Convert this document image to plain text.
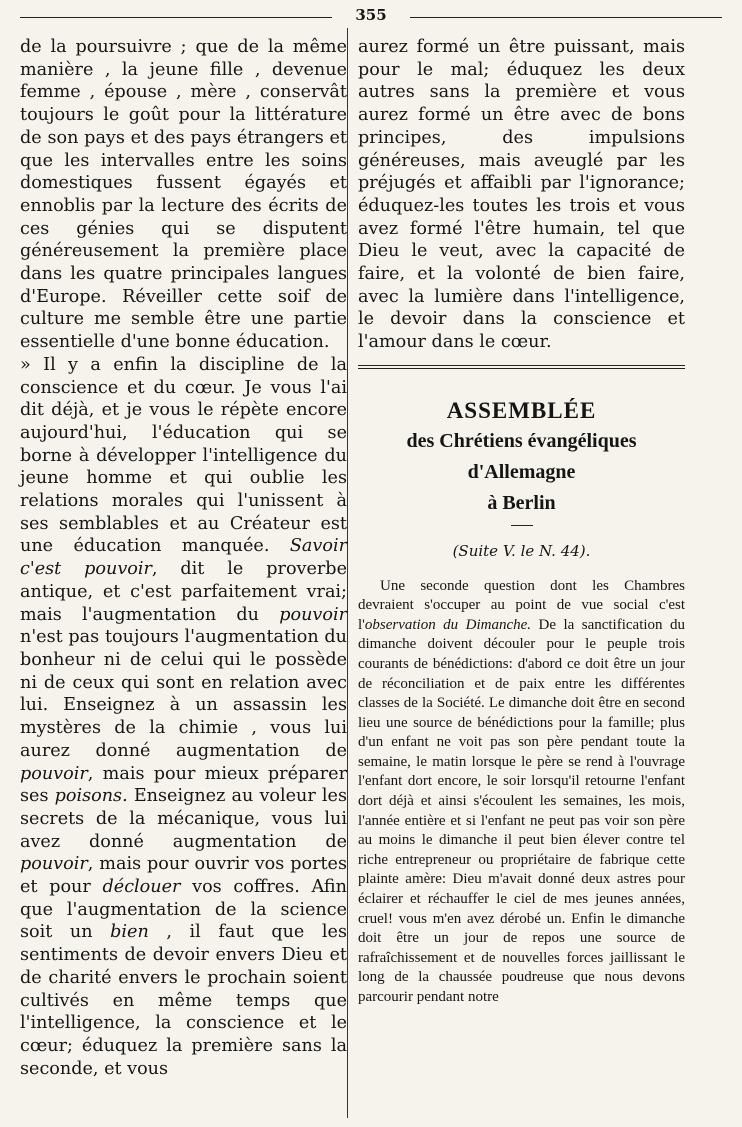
355

de la poursuivre ; que de la même manière , la jeune fille , devenue femme , épouse , mère , conservât toujours le goût pour la littérature de son pays et des pays étrangers et que les intervalles entre les soins domestiques fussent égayés et ennoblis par la lecture des écrits de ces génies qui se disputent généreusement la première place dans les quatre principales langues d'Europe. Réveiller cette soif de culture me semble être une partie essentielle d'une bonne éducation.

» Il y a enfin la discipline de la conscience et du cœur. Je vous l'ai dit déjà, et je vous le répète encore aujourd'hui, l'éducation qui se borne à développer l'intelligence du jeune homme et qui oublie les relations morales qui l'unissent à ses semblables et au Créateur est une éducation manquée. Savoir c'est pouvoir, dit le proverbe antique, et c'est parfaitement vrai; mais l'augmentation du pouvoir n'est pas toujours l'augmentation du bonheur ni de celui qui le possède ni de ceux qui sont en relation avec lui. Enseignez à un assassin les mystères de la chimie , vous lui aurez donné augmentation de pouvoir, mais pour mieux préparer ses poisons. Enseignez au voleur les secrets de la mécanique, vous lui avez donné augmentation de pouvoir, mais pour ouvrir vos portes et pour déclouer vos coffres. Afin que l'augmentation de la science soit un bien , il faut que les sentiments de devoir envers Dieu et de charité envers le prochain soient cultivés en même temps que l'intelligence, la conscience et le cœur; éduquez la première sans la seconde, et vous

aurez formé un être puissant, mais pour le mal; éduquez les deux autres sans la première et vous aurez formé un être avec de bons principes, des impulsions généreuses, mais aveuglé par les préjugés et affaibli par l'ignorance; éduquez-les toutes les trois et vous avez formé l'être humain, tel que Dieu le veut, avec la capacité de faire, et la volonté de bien faire, avec la lumière dans l'intelligence, le devoir dans la conscience et l'amour dans le cœur.

ASSEMBLÉE
des Chrétiens évangéliques d'Allemagne
à Berlin
(Suite V. le N. 44).

Une seconde question dont les Chambres devraient s'occuper au point de vue social c'est l'observation du Dimanche. De la sanctification du dimanche doivent découler pour le peuple trois courants de bénédictions: d'abord ce doit être un jour de réconciliation et de paix entre les différentes classes de la Société. Le dimanche doit être en second lieu une source de bénédictions pour la famille; plus d'un enfant ne voit pas son père pendant toute la semaine, le matin lorsque le père se rend à l'ouvrage l'enfant dort encore, le soir lorsqu'il retourne l'enfant dort déjà et ainsi s'écoulent les semaines, les mois, l'année entière et si l'enfant ne peut pas voir son père au moins le dimanche il peut bien élever contre tel riche entrepreneur ou propriétaire de fabrique cette plainte amère: Dieu m'avait donné deux astres pour éclairer et réchauffer le ciel de mes jeunes années, cruel! vous m'en avez dérobé un. Enfin le dimanche doit être un jour de repos une source de rafraîchissement et de nouvelles forces jaillissant le long de la chaussée poudreuse que nous devons parcourir pendant notre
